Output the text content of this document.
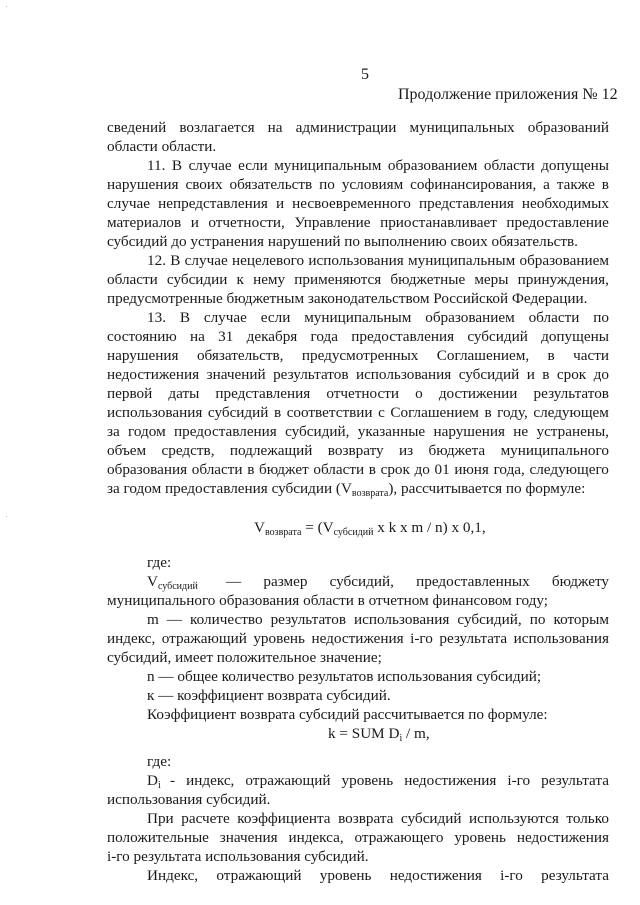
5
Продолжение приложения № 12
сведений возлагается на администрации муниципальных образований
области области.
11. В случае если муниципальным образованием области допущены
нарушения своих обязательств по условиям софинансирования, а также в
случае непредставления и несвоевременного представления необходимых
материалов и отчетности, Управление приостанавливает предоставление
субсидий до устранения нарушений по выполнению своих обязательств.
12. В случае нецелевого использования муниципальным образованием
области субсидии к нему применяются бюджетные меры принуждения,
предусмотренные бюджетным законодательством Российской Федерации.
13. В случае если муниципальным образованием области по
состоянию на 31 декабря года предоставления субсидий допущены
нарушения обязательств, предусмотренных Соглашением, в части
недостижения значений результатов использования субсидий и в срок до
первой даты представления отчетности о достижении результатов
использования субсидий в соответствии с Соглашением в году, следующем
за годом предоставления субсидий, указанные нарушения не устранены,
объем средств, подлежащий возврату из бюджета муниципального
образования области в бюджет области в срок до 01 июня года, следующего
за годом предоставления субсидии $(V_{возврата})$, рассчитывается по формуле:
$V_{возврата} = (V_{субсидий}$ x k x m / n) x 0,1,
где:
$V_{субсидий}$ — размер субсидий, предоставленных бюджету
муниципального образования области в отчетном финансовом году;
m — количество результатов использования субсидий, по которым
индекс, отражающий уровень недостижения i-го результата использования
субсидий, имеет положительное значение;
n — общее количество результатов использования субсидий;
к — коэффициент возврата субсидий.
Коэффициент возврата субсидий рассчитывается по формуле:
k = SUM $D_i$ / m,
где:
$D_i$ - индекс, отражающий уровень недостижения i-го результата
использования субсидий.
При расчете коэффициента возврата субсидий используются только
положительные значения индекса, отражающего уровень недостижения
i-го результата использования субсидий.
Индекс, отражающий уровень недостижения i-го результата
